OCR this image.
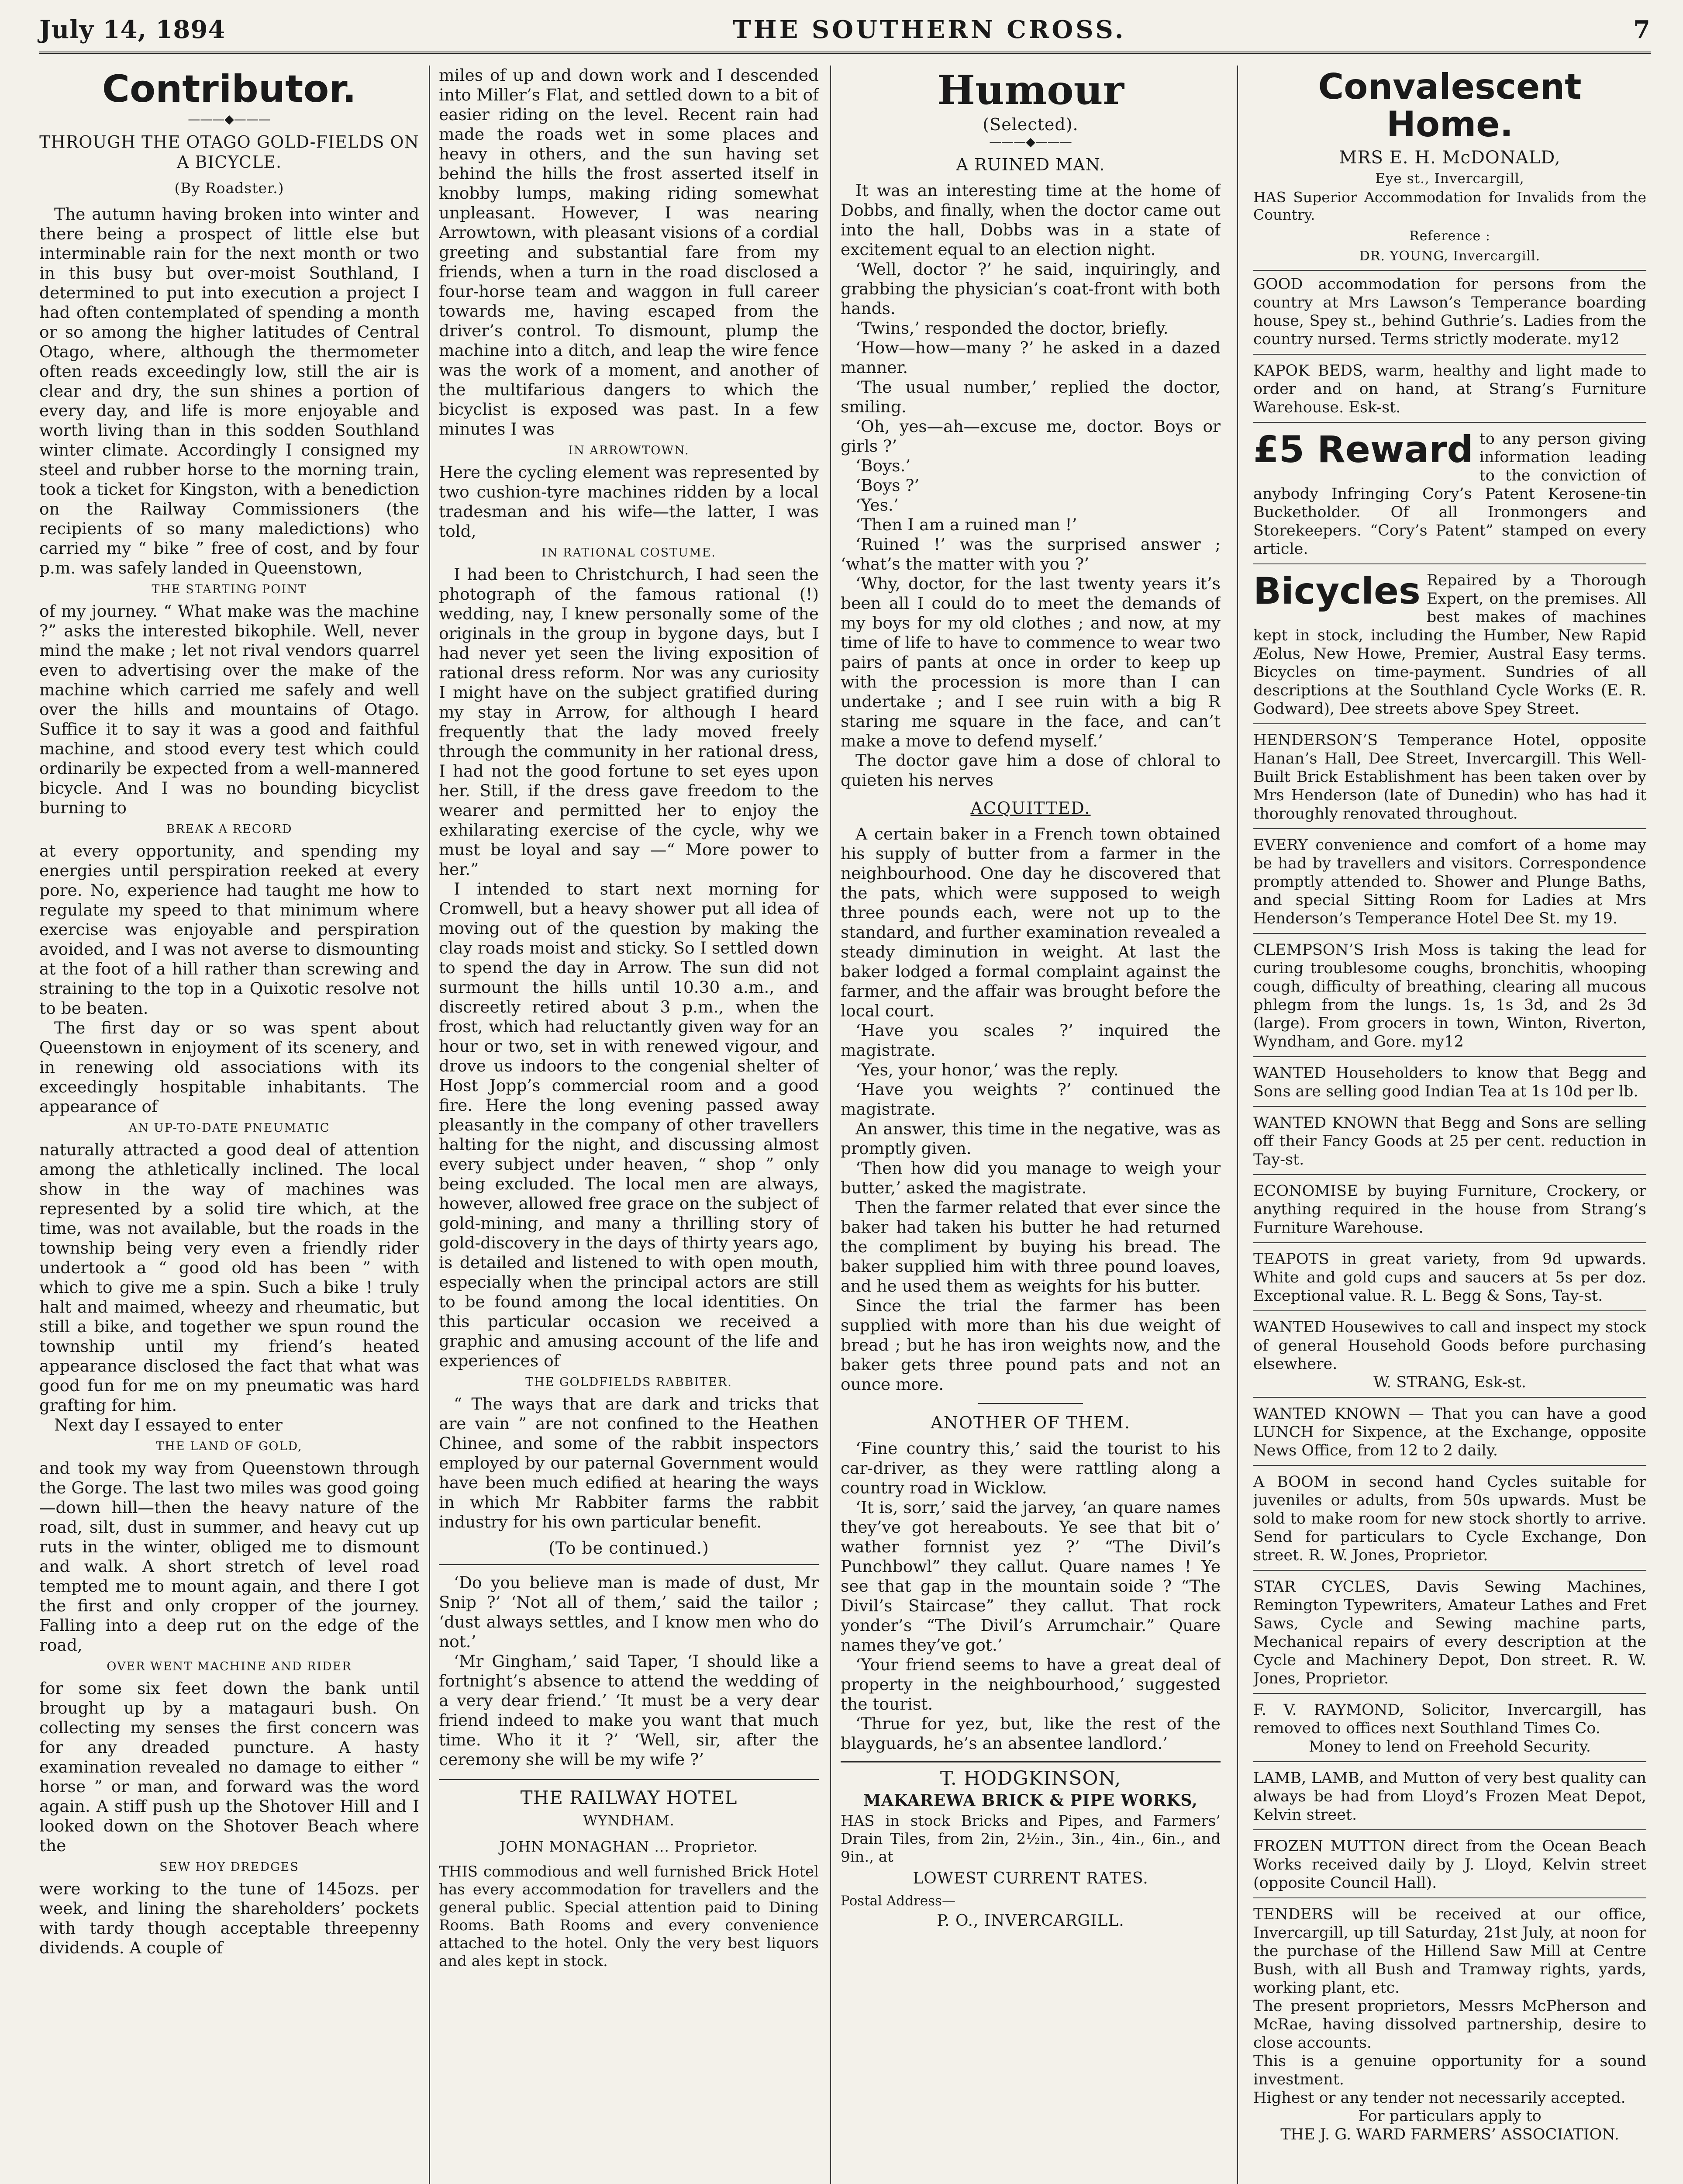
July 14, 1894	THE SOUTHERN CROSS.	7
Contributor.
———◆———
THROUGH THE OTAGO GOLD-FIELDS ON A BICYCLE.
(By Roadster.)

The autumn having broken into winter and there being a prospect of little else but interminable rain for the next month or two in this busy but over-moist Southland, I determined to put into execution a project I had often contemplated of spending a month or so among the higher latitudes of Central Otago, where, although the thermometer often reads exceedingly low, still the air is clear and dry, the sun shines a portion of every day, and life is more enjoyable and worth living than in this sodden Southland winter climate. Accordingly I consigned my steel and rubber horse to the morning train, took a ticket for Kingston, with a benediction on the Railway Commissioners (the recipients of so many maledictions) who carried my “ bike ” free of cost, and by four p.m. was safely landed in Queenstown,

THE STARTING POINT

of my journey. “ What make was the machine ?” asks the interested bikophile. Well, never mind the make ; let not rival vendors quarrel even to advertising over the make of the machine which carried me safely and well over the hills and mountains of Otago. Suffice it to say it was a good and faithful machine, and stood every test which could ordinarily be expected from a well-mannered bicycle. And I was no bounding bicyclist burning to

BREAK A RECORD

at every opportunity, and spending my energies until perspiration reeked at every pore. No, experience had taught me how to regulate my speed to that minimum where exercise was enjoyable and perspiration avoided, and I was not averse to dismounting at the foot of a hill rather than screwing and straining to the top in a Quixotic resolve not to be beaten.

The first day or so was spent about Queenstown in enjoyment of its scenery, and in renewing old associations with its exceedingly hospitable inhabitants. The appearance of

AN UP-TO-DATE PNEUMATIC

naturally attracted a good deal of attention among the athletically inclined. The local show in the way of machines was represented by a solid tire which, at the time, was not available, but the roads in the township being very even a friendly rider undertook a “ good old has been ” with which to give me a spin. Such a bike ! truly halt and maimed, wheezy and rheumatic, but still a bike, and together we spun round the township until my friend’s heated appearance disclosed the fact that what was good fun for me on my pneumatic was hard grafting for him.

Next day I essayed to enter

THE LAND OF GOLD,

and took my way from Queenstown through the Gorge. The last two miles was good going—down hill—then the heavy nature of the road, silt, dust in summer, and heavy cut up ruts in the winter, obliged me to dismount and walk. A short stretch of level road tempted me to mount again, and there I got the first and only cropper of the journey. Falling into a deep rut on the edge of the road,

OVER WENT MACHINE AND RIDER

for some six feet down the bank until brought up by a matagauri bush. On collecting my senses the first concern was for any dreaded puncture. A hasty examination revealed no damage to either “ horse ” or man, and forward was the word again. A stiff push up the Shotover Hill and I looked down on the Shotover Beach where the

SEW HOY DREDGES

were working to the tune of 145ozs. per week, and lining the shareholders’ pockets with tardy though acceptable threepenny dividends. A couple of

miles of up and down work and I descended into Miller’s Flat, and settled down to a bit of easier riding on the level. Recent rain had made the roads wet in some places and heavy in others, and the sun having set behind the hills the frost asserted itself in knobby lumps, making riding somewhat unpleasant. However, I was nearing Arrowtown, with pleasant visions of a cordial greeting and substantial fare from my friends, when a turn in the road disclosed a four-horse team and waggon in full career towards me, having escaped from the driver’s control. To dismount, plump the machine into a ditch, and leap the wire fence was the work of a moment, and another of the multifarious dangers to which the bicyclist is exposed was past. In a few minutes I was

IN ARROWTOWN.

Here the cycling element was represented by two cushion-tyre machines ridden by a local tradesman and his wife—the latter, I was told,

IN RATIONAL COSTUME.

I had been to Christchurch, I had seen the photograph of the famous rational (!) wedding, nay, I knew personally some of the originals in the group in bygone days, but I had never yet seen the living exposition of rational dress reform. Nor was any curiosity I might have on the subject gratified during my stay in Arrow, for although I heard frequently that the lady moved freely through the community in her rational dress, I had not the good fortune to set eyes upon her. Still, if the dress gave freedom to the wearer and permitted her to enjoy the exhilarating exercise of the cycle, why we must be loyal and say —“ More power to her.”

I intended to start next morning for Cromwell, but a heavy shower put all idea of moving out of the question by making the clay roads moist and sticky. So I settled down to spend the day in Arrow. The sun did not surmount the hills until 10.30 a.m., and discreetly retired about 3 p.m., when the frost, which had reluctantly given way for an hour or two, set in with renewed vigour, and drove us indoors to the congenial shelter of Host Jopp’s commercial room and a good fire. Here the long evening passed away pleasantly in the company of other travellers halting for the night, and discussing almost every subject under heaven, “ shop ” only being excluded. The local men are always, however, allowed free grace on the subject of gold-mining, and many a thrilling story of gold-discovery in the days of thirty years ago, is detailed and listened to with open mouth, especially when the principal actors are still to be found among the local identities. On this particular occasion we received a graphic and amusing account of the life and experiences of

THE GOLDFIELDS RABBITER.

“ The ways that are dark and tricks that are vain ” are not confined to the Heathen Chinee, and some of the rabbit inspectors employed by our paternal Government would have been much edified at hearing the ways in which Mr Rabbiter farms the rabbit industry for his own particular benefit.

(To be continued.)

‘Do you believe man is made of dust, Mr Snip ?’ ‘Not all of them,’ said the tailor ; ‘dust always settles, and I know men who do not.’

‘Mr Gingham,’ said Taper, ‘I should like a fortnight’s absence to attend the wedding of a very dear friend.’ ‘It must be a very dear friend indeed to make you want that much time. Who it it ?’ ‘Well, sir, after the ceremony she will be my wife ?’

THE RAILWAY HOTEL
WYNDHAM.
JOHN MONAGHAN ... Proprietor.

THIS commodious and well furnished Brick Hotel has every accommodation for travellers and the general public. Special attention paid to Dining Rooms. Bath Rooms and every convenience attached to the hotel. Only the very best liquors and ales kept in stock.

Humour
(Selected).
———◆———
A RUINED MAN.

It was an interesting time at the home of Dobbs, and finally, when the doctor came out into the hall, Dobbs was in a state of excitement equal to an election night.

‘Well, doctor ?’ he said, inquiringly, and grabbing the physician’s coat-front with both hands.

‘Twins,’ responded the doctor, briefly.

‘How—how—many ?’ he asked in a dazed manner.

‘The usual number,’ replied the doctor, smiling.

‘Oh, yes—ah—excuse me, doctor. Boys or girls ?’

‘Boys.’

‘Boys ?’

‘Yes.’

‘Then I am a ruined man !’

‘Ruined !’ was the surprised answer ; ‘what’s the matter with you ?’

‘Why, doctor, for the last twenty years it’s been all I could do to meet the demands of my boys for my old clothes ; and now, at my time of life to have to commence to wear two pairs of pants at once in order to keep up with the procession is more than I can undertake ; and I see ruin with a big R staring me square in the face, and can’t make a move to defend myself.’

The doctor gave him a dose of chloral to quieten his nerves

ACQUITTED.

A certain baker in a French town obtained his supply of butter from a farmer in the neighbourhood. One day he discovered that the pats, which were supposed to weigh three pounds each, were not up to the standard, and further examination revealed a steady diminution in weight. At last the baker lodged a formal complaint against the farmer, and the affair was brought before the local court.

‘Have you scales ?’ inquired the magistrate.

‘Yes, your honor,’ was the reply.

‘Have you weights ?’ continued the magistrate.

An answer, this time in the negative, was as promptly given.

‘Then how did you manage to weigh your butter,’ asked the magistrate.

Then the farmer related that ever since the baker had taken his butter he had returned the compliment by buying his bread. The baker supplied him with three pound loaves, and he used them as weights for his butter.

Since the trial the farmer has been supplied with more than his due weight of bread ; but he has iron weights now, and the baker gets three pound pats and not an ounce more.

ANOTHER OF THEM.

‘Fine country this,’ said the tourist to his car-driver, as they were rattling along a country road in Wicklow.

‘It is, sorr,’ said the jarvey, ‘an quare names they’ve got hereabouts. Ye see that bit o’ wather fornnist yez ?’ “The Divil’s Punchbowl” they callut. Quare names ! Ye see that gap in the mountain soide ? “The Divil’s Staircase” they callut. That rock yonder’s “The Divil’s Arrumchair.” Quare names they’ve got.’

‘Your friend seems to have a great deal of property in the neighbourhood,’ suggested the tourist.

‘Thrue for yez, but, like the rest of the blayguards, he’s an absentee landlord.’

T. HODGKINSON,
MAKAREWA BRICK & PIPE WORKS,

HAS in stock Bricks and Pipes, and Farmers’ Drain Tiles, from 2in, 2½in., 3in., 4in., 6in., and 9in., at

LOWEST CURRENT RATES.

Postal Address—

P. O., INVERCARGILL.
Convalescent Home.
MRS E. H. McDONALD,
Eye st., Invercargill,

HAS Superior Accommodation for Invalids from the Country.

Reference :
DR. YOUNG, Invercargill.

GOOD accommodation for persons from the country at Mrs Lawson’s Temperance boarding house, Spey st., behind Guthrie’s. Ladies from the country nursed. Terms strictly moderate. my12

KAPOK BEDS, warm, healthy and light made to order and on hand, at Strang’s Furniture Warehouse. Esk-st.

£5 Reward to any person giving information leading to the conviction of anybody Infringing Cory’s Patent Kerosene-tin Bucketholder. Of all Ironmongers and Storekeepers. “Cory’s Patent” stamped on every article.

Bicycles Repaired by a Thorough Expert, on the premises. All best makes of machines kept in stock, including the Humber, New Rapid Æolus, New Howe, Premier, Austral Easy terms. Bicycles on time-payment. Sundries of all descriptions at the Southland Cycle Works (E. R. Godward), Dee streets above Spey Street.

HENDERSON’S Temperance Hotel, opposite Hanan’s Hall, Dee Street, Invercargill. This Well-Built Brick Establishment has been taken over by Mrs Henderson (late of Dunedin) who has had it thoroughly renovated throughout.

EVERY convenience and comfort of a home may be had by travellers and visitors. Correspondence promptly attended to. Shower and Plunge Baths, and special Sitting Room for Ladies at Mrs Henderson’s Temperance Hotel Dee St. my 19.

CLEMPSON’S Irish Moss is taking the lead for curing troublesome coughs, bronchitis, whooping cough, difficulty of breathing, clearing all mucous phlegm from the lungs. 1s, 1s 3d, and 2s 3d (large). From grocers in town, Winton, Riverton, Wyndham, and Gore. my12

WANTED Householders to know that Begg and Sons are selling good Indian Tea at 1s 10d per lb.

WANTED KNOWN that Begg and Sons are selling off their Fancy Goods at 25 per cent. reduction in Tay-st.

ECONOMISE by buying Furniture, Crockery, or anything required in the house from Strang’s Furniture Warehouse.

TEAPOTS in great variety, from 9d upwards. White and gold cups and saucers at 5s per doz. Exceptional value. R. L. Begg & Sons, Tay-st.

WANTED Housewives to call and inspect my stock of general Household Goods before purchasing elsewhere.

W. STRANG, Esk-st.

WANTED KNOWN — That you can have a good LUNCH for Sixpence, at the Exchange, opposite News Office, from 12 to 2 daily.

A BOOM in second hand Cycles suitable for juveniles or adults, from 50s upwards. Must be sold to make room for new stock shortly to arrive. Send for particulars to Cycle Exchange, Don street. R. W. Jones, Proprietor.

STAR CYCLES, Davis Sewing Machines, Remington Typewriters, Amateur Lathes and Fret Saws, Cycle and Sewing machine parts, Mechanical repairs of every description at the Cycle and Machinery Depot, Don street. R. W. Jones, Proprietor.

F. V. RAYMOND, Solicitor, Invercargill, has removed to offices next Southland Times Co.

Money to lend on Freehold Security.

LAMB, LAMB, and Mutton of very best quality can always be had from Lloyd’s Frozen Meat Depot, Kelvin street.

FROZEN MUTTON direct from the Ocean Beach Works received daily by J. Lloyd, Kelvin street (opposite Council Hall).

TENDERS will be received at our office, Invercargill, up till Saturday, 21st July, at noon for the purchase of the Hillend Saw Mill at Centre Bush, with all Bush and Tramway rights, yards, working plant, etc.

The present proprietors, Messrs McPherson and McRae, having dissolved partnership, desire to close accounts.

This is a genuine opportunity for a sound investment.

Highest or any tender not necessarily accepted.

For particulars apply to

THE J. G. WARD FARMERS’ ASSOCIATION.
